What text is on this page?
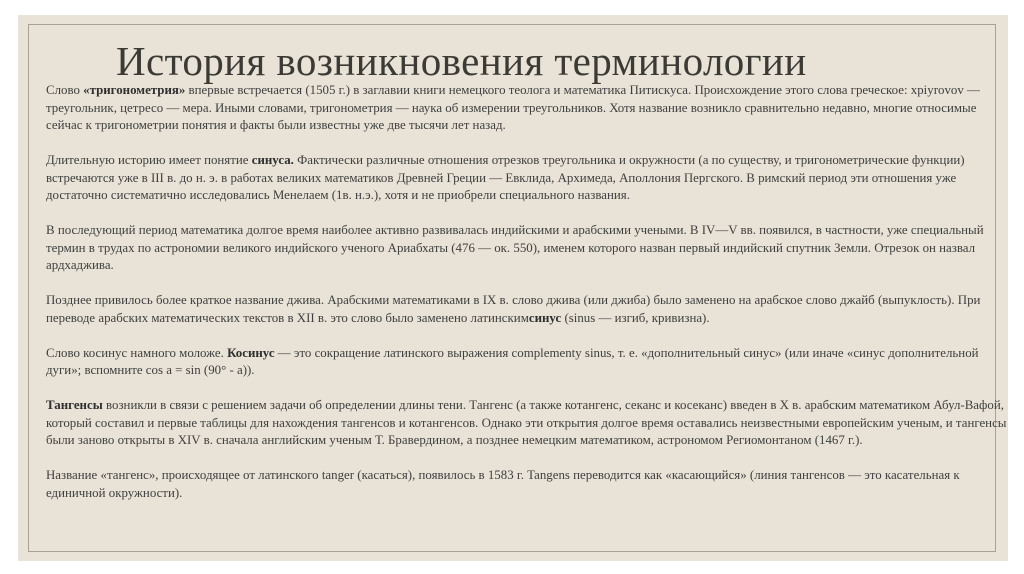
История возникновения терминологии

Слово «тригонометрия» впервые встречается (1505 г.) в заглавии книги немецкого теолога и математика Питискуса. Происхождение этого слова греческое: xpiyrovov — треугольник, цетресо — мера. Иными словами, тригонометрия — наука об измерении треугольников. Хотя название возникло сравнительно недавно, многие относимые сейчас к тригонометрии понятия и факты были известны уже две тысячи лет назад.

Длительную историю имеет понятие синуса. Фактически различные отношения отрезков треугольника и окружности (а по существу, и тригонометрические функции) встречаются уже в III в. до н. э. в работах великих математиков Древней Греции — Евклида, Архимеда, Аполлония Пергского. В римский период эти отношения уже достаточно систематично исследовались Менелаем (1в. н.э.), хотя и не приобрели специального названия.

В последующий период математика долгое время наиболее активно развивалась индийскими и арабскими учеными. В IV—V вв. появился, в частности, уже специальный термин в трудах по астрономии великого индийского ученого Ариабхаты (476 — ок. 550), именем которого назван первый индийский спутник Земли. Отрезок он назвал ардхаджива.

Позднее привилось более краткое название джива. Арабскими математиками в IX в. слово джива (или джиба) было заменено на арабское слово джайб (выпуклость). При переводе арабских математических текстов в XII в. это слово было заменено латинскимсинус (sinus — изгиб, кривизна).

Слово косинус намного моложе. Косинус — это сокращение латинского выражения complementy sinus, т. е. «дополнительный синус» (или иначе «синус дополнительной дуги»; вспомните cos a = sin (90° - a)).

Тангенсы возникли в связи с решением задачи об определении длины тени. Тангенс (а также котангенс, секанс и косеканс) введен в X в. арабским математиком Абул-Вафой, который составил и первые таблицы для нахождения тангенсов и котангенсов. Однако эти открытия долгое время оставались неизвестными европейским ученым, и тангенсы были заново открыты в XIV в. сначала английским ученым Т. Бравердином, а позднее немецким математиком, астрономом Региомонтаном (1467 г.).

Название «тангенс», происходящее от латинского tanger (касаться), появилось в 1583 г. Tangens переводится как «касающийся» (линия тангенсов — это касательная к единичной окружности).
